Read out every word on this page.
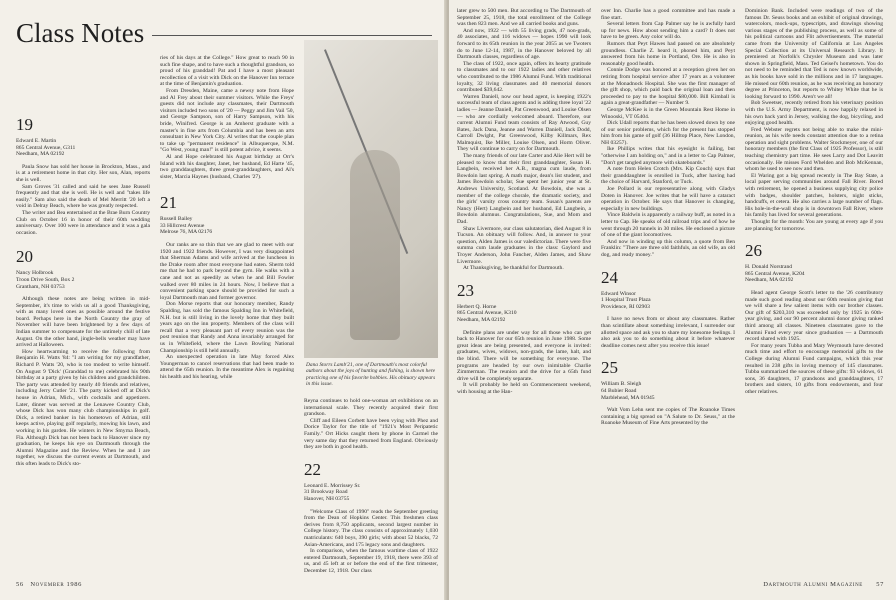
Class Notes
19
Edward E. Martin
865 Central Avenue, G311
Needham, MA 02192

Paula Snow has sold her house in Brockton, Mass., and is at a retirement home in that city. Her son, Alan, reports she is well.

Sam Groves '31 called and said he sees Jane Russell frequently and that she is well. He is well and "takes life easily." Sam also said the death of Mel Merritt '20 left a void in Delray Beach, where he was greatly respected.

The writer and Bea entertained at the Brae Burn Country Club on October 16 in honor of their 60th wedding anniversary. Over 100 were in attendance and it was a gala occasion.

20
Nancy Holbrook
Troon Drive South, Box 2
Grantham, NH 03753

Although these notes are being written in mid-September, it's time to wish us all a good Thanksgiving, with as many loved ones as possible around the festive board. Perhaps here in the North Country the gray of November will have been brightened by a few days of Indian summer to compensate for the untimely chill of late August. On the other hand, jingle-bells weather may have arrived at Halloween.

How heartwarming to receive the following from Benjamin H. Watts '84: "I am writing for my grandfather, Richard P. Watts '20, who is too modest to write himself. On August 9 'Dick' (Granddad to me) celebrated his 90th birthday at a party given by his children and grandchildren. The party was attended by nearly 40 friends and relatives, including Jerry Cutler '21. The party kicked off at Dick's house in Adrian, Mich., with cocktails and appetizers. Later, dinner was served at the Lenawee Country Club, whose Dick has won many club championships in golf. Dick, a retired banker in his hometown of Adrian, still keeps active, playing golf regularly, mowing his lawn, and working in his garden. He winters in New Smyrna Beach, Fla. Although Dick has not been back to Hanover since my graduation, he keeps his eye on Dartmouth through the Alumni Magazine and the Review. When he and I are together, we discuss the current events at Dartmouth, and this often leads to Dick's sto-

ries of his days at the College." How great to reach 90 in such fine shape, and to have such a thoughtful grandson, so proud of his granddad! Pat and I have a most pleasant recollection of a visit with Dick on the Hanover Inn terrace at the time of Benjamin's graduation.

From Dresden, Maine, came a newsy note from Hope and Al Frey about their summer visitors. While the Freys' guests did not include any classmates, their Dartmouth visitors included two sons of '20 — Peggy and Jim Vail '50, and George Sampson, son of Harry Sampson, with his bride, Winifred. George is an Amherst graduate with a master's in fine arts from Columbia and has been an arts consultant in New York City. Al writes that the couple plan to take up "permanent residence" in Albuquerque, N.M. "Go West, young man!" is still potent advice, it seems.

Al and Hope celebrated his August birthday at Orr's Island with his daughter, Janet, her husband, Ed Harte '45, two granddaughters, three great-granddaughters, and Al's sister, Marcia Haynes (husband, Charles '27).

21
Russell Bailey
33 Hillcrest Avenue
Melrose 76, MA 02176

Our ranks are so thin that we are glad to meet with our 1920 and 1922 friends. However, I was very disappointed that Sherman Adams and wife arrived at the luncheon in the Drake room after most everyone had eaten. Sherm told me that he had to park beyond the gym. He walks with a cane and not as speedily as when he and Bill Fowler walked over 80 miles in 24 hours. Now, I believe that a convenient parking space should be provided for such a loyal Dartmouth man and former governor.

Don Morse reports that our honorary member, Randy Spalding, has sold the famous Spalding Inn in Whitefield, N.H. but is still living in the lovely home that they built years ago on the inn property. Members of the class will recall that a very pleasant part of every reunion was the post reunion that Randy and Anna invariably arranged for us in Whitefield, where the Lawn Bowling National Championship is still held annually.

An unexpected operation in late May forced Alex Youngerman to cancel reservations that had been made to attend the 65th reunion. In the meantime Alex is regaining his health and his hearing, while

Dana Storrs Lamb'21, one of Dartmouth's most colorful authors about the joys of hunting and fishing, is shown here practicing one of his favorite hobbies. His obituary appears in this issue.

Reyna continues to hold one-woman art exhibitions on an international scale. They recently acquired their first grandson.

Cliff and Eileen Corbett have been vying with Phez and Dorice Taylor for the title of "1921's Most Peripatetic Family." Ort Hicks caught them by phone in Carmel the very same day that they returned from England. Obviously they are both in good health.

22
Leonard E. Morrissey Sr.
31 Brookway Road
Hanover, NH 03755

"Welcome Class of 1990" reads the September greeting from the Dean of Hopkins Center. This freshmen class derives from 8,750 applicants, second largest number in College history. The class consists of approximately 1,030 matriculants: 640 boys, 390 girls; with about 52 blacks, 72 Asian-Americans, and 175 legacy sons and daughters.

In comparison, when the famous wartime class of 1922 entered Dartmouth, September 19, 1918, there were 393 of us, and 45 left at or before the end of the first trimester, December 12, 1918. Our class

56 November 1986

later grew to 500 men. But according to The Dartmouth of September 25, 1918, the total enrollment of the College was then 823 men. And we all carried books and guns.

And now, 1922 — with 55 living grads, 47 non-grads, 40 associates, and 116 widows — hopes 1990 will look forward to its 65th reunion in the year 2055 as we Twoters do to June 12-14, 1987, in the Hanover beloved by all Dartmouth classes, regardless of age.

The class of 1922, once again, offers its hearty gratitude to classmates and to our 1922 ladies and other relatives who contributed to the 1986 Alumni Fund. With traditional loyalty, 32 living classmates and 40 memorial donors contributed $39,642.

Warren Daniell, now our head agent, is keeping 1922's successful team of class agents and is adding three loyal '22 ladies — Jeanne Daniell, Pat Greenwood, and Louise Olsen — who are cordially welcomed aboard. Therefore, our current Alumni Fund team consists of Ray Atwood, Guy Bates, Jack Dana, Jeanne and Warren Daniell, Jack Dodd, Carroll Dwight, Pat Greenwood, Kilby Killmars, Rex Malmquist, Ike Miller, Louise Olsen, and Horm Oliver. They will continue to carry on for Dartmouth.

The many friends of our late Carter and Alie Hert will be pleased to know that their first granddaughter, Susan H. Langbein, received her A.B., magna cum laude, from Bowdoin last spring. A math major, dean's list student, and James Bowdoin scholar, Sue spent her junior year at St. Andrews University, Scotland. At Bowdoin, she was a member of the college chorale, the dramatic society, and the girls' varsity cross country team. Susan's parents are Nancy (Hert) Langbein and her husband, Ed Langbein, a Bowdoin alumnus. Congratulations, Sue, and Mom and Dad.

Shaw Livermore, our class salutatorian, died August 8 in Tucson. An obituary will follow. And, in answer to your question, Alden James is our valedictorian. There were five summa cum laude graduates in the class: Gaylord and Troyer Anderson, John Fancher, Alden James, and Shaw Livermore.

At Thanksgiving, be thankful for Dartmouth.

23
Herbert Q. Horne
865 Central Avenue, K310
Needham, MA 02192

Definite plans are under way for all those who can get back to Hanover for our 65th reunion in June 1988. Some great ideas are being presented, and everyone is invited: graduates, wives, widows, non-grads, the lame, halt, and the blind. There will be something for everyone. The programs are headed by our own inimitable Charlie Zimmerman. The reunion and the drive for a 65th fund drive will be completely separate.

It will probably be held on Commencement weekend, with housing at the Han-

over Inn. Charlie has a good committee and has made a fine start.

Several letters from Cap Palmer say he is awfully hard up for news. How about sending him a card? It does not have to be green. Any color will do.

Rumors that Peyt Hawes had passed on are absolutely groundless. Charlie Z. heard it, phoned him, and Peyt answered from his home in Portland, Ore. He is also in reasonably good health.

Connie Dodge was honored at a reception given her on retiring from hospital service after 17 years as a volunteer at the Monadnock Hospital. She was the first manager of the gift shop, which paid back the original loan and then proceeded to pay to the hospital $80,000. Bill Kimball is again a great-grandfather — Number 9.

George McKee is in the Green Mountain Rest Home in Winooski, VT 05404.

Dick Udall reports that he has been slowed down by one of our senior problems, which for the present has stopped him from his game of golf (36 Hilltop Place, New London, NH 03257).

Ike Phillips writes that his eyesight is failing, but "otherwise I am holding on," and in a letter to Cap Palmer, "Don't get tangled anymore with skateboards."

A note from Helen Crotch (Mrs. Kip Couch) says that their granddaughter is enrolled in Tuck, after having had the choice of Harvard, Stanford, or Tuck.

Joe Pollard is our representative along with Gladys Doten in Hanover. Joe writes that he will have a cataract operation in October. He says that Hanover is changing, especially in new buildings.

Vince Baldwin is apparently a railway buff, as noted in a letter to Cap. He speaks of old railroad trips and of how he went through 20 tunnels in 30 miles. He enclosed a picture of one of the giant locomotives.

And now in winding up this column, a quote from Ben Franklin: "There are three old faithfuls, an old wife, an old dog, and ready money."

24
Edward Winsor
1 Hospital Trust Plaza
Providence, RI 02903

I have no news from or about any classmates. Rather than scintillate about something irrelevant, I surrender our allotted space and ask you to share my lonesome feelings. I also ask you to do something about it before whatever deadline comes next after you receive this issue!

25
William B. Sleigh
64 Bubier Road
Marblehead, MA 01945

Walt Vom Lehn sent me copies of The Roanoke Times containing a big spread on "A Salute to Dr. Seuss," at the Roanoke Museum of Fine Arts presented by the

Dominion Bank. Included were readings of two of the famous Dr. Seuss books and an exhibit of original drawings, watercolors, mock-ups, typescripts, and drawings showing various stages of the publishing process, as well as some of his political cartoons and Flit advertisements. The material came from the University of California at Los Angeles Special Collection at its Universal Research Library. It premiered at Norfolk's Chrysler Museum and was later shown in Springfield, Mass. Ted Geisel's hometown. You do not need to be reminded that Ted is now known worldwide, as his books have sold in the millions and in 17 languages. He missed our 60th reunion, as he was receiving an honorary degree at Princeton, but reports to Whitey White that he is looking forward to 1990. Aren't we all!

Bob Sweetser, recently retired from his veterinary position with the U.S. Army Department, is now happily relaxed in his own back yard in Jersey, walking the dog, bicycling, and enjoying good health.

Fred Webster regrets not being able to make the mini-reunion, as his wife needs constant attention due to a retina operation and sight problems. Walter Stockmeyer, one of our honorary members (the first Class of 1925 Professor), is still teaching chemistry part time. He sees Larry and Dot Leavitt occasionally. He misses Ford Whelden and Bob McKennan, whom he used to see now and then.

El Waring got a big spread recently in The Bay State, a local paper serving communities around Fall River. Bored with retirement, he opened a business supplying city police with badges, shoulder patches, holsters, night sticks, handcuffs, et cetera. He also carries a large number of flags. His hole-in-the-wall shop is in downtown Fall River, where his family has lived for several generations.

Thought for the month: You are young at every age if you are planning for tomorrow.

26
H. Donald Norstrand
865 Central Avenue, K204
Needham, MA 02192

Head agent George Scott's letter to the '26 contributory made such good reading about our 60th reunion giving that we will share a few salient items with our brother classes. Our gift of $203,310 was exceeded only by 1925 in 60th-year giving, and our 90 percent alumni donor giving ranked third among all classes. Nineteen classmates gave to the Alumni Fund every year since graduation — a Dartmouth record shared with 1925.

For many years Tubba and Mary Weymouth have devoted much time and effort to encourage memorial gifts to the College during Alumni Fund campaigns, which this year resulted in 238 gifts in loving memory of 145 classmates. Tubba summarized the sources of these gifts: 93 widows, 61 sons, 36 daughters, 17 grandsons and granddaughters, 17 brothers and sisters, 10 gifts from endowments, and four other relatives.

Dartmouth Alumni Magazine 57
